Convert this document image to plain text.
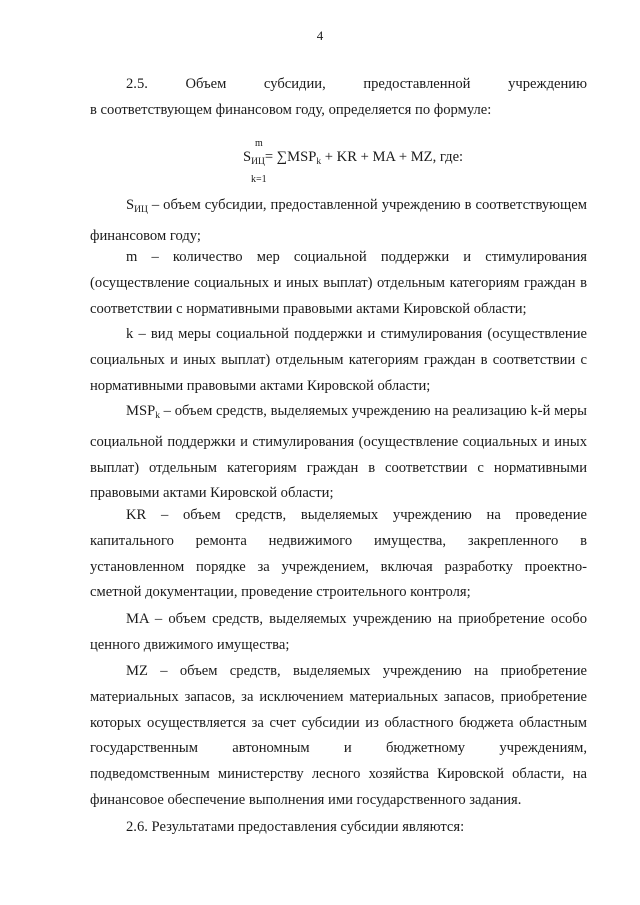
4

2.5. Объем субсидии, предоставленной учреждению

в соответствующем финансовом году, определяется по формуле:

m
$S_{ИЦ}= \sum MSP_k$ + KR + MA + MZ, где:
k=1

$S_{ИЦ}$ – объем субсидии, предоставленной учреждению в соответствующем финансовом году;

m – количество мер социальной поддержки и стимулирования (осуществление социальных и иных выплат) отдельным категориям граждан в соответствии с нормативными правовыми актами Кировской области;

k – вид меры социальной поддержки и стимулирования (осуществление социальных и иных выплат) отдельным категориям граждан в соответствии с нормативными правовыми актами Кировской области;

$MSP_k$ – объем средств, выделяемых учреждению на реализацию k-й меры социальной поддержки и стимулирования (осуществление социальных и иных выплат) отдельным категориям граждан в соответствии с нормативными правовыми актами Кировской области;

KR – объем средств, выделяемых учреждению на проведение капитального ремонта недвижимого имущества, закрепленного в установленном порядке за учреждением, включая разработку проектно-сметной документации, проведение строительного контроля;

MA – объем средств, выделяемых учреждению на приобретение особо ценного движимого имущества;

MZ – объем средств, выделяемых учреждению на приобретение материальных запасов, за исключением материальных запасов, приобретение которых осуществляется за счет субсидии из областного бюджета областным государственным автономным и бюджетному учреждениям, подведомственным министерству лесного хозяйства Кировской области, на финансовое обеспечение выполнения ими государственного задания.

2.6. Результатами предоставления субсидии являются:
